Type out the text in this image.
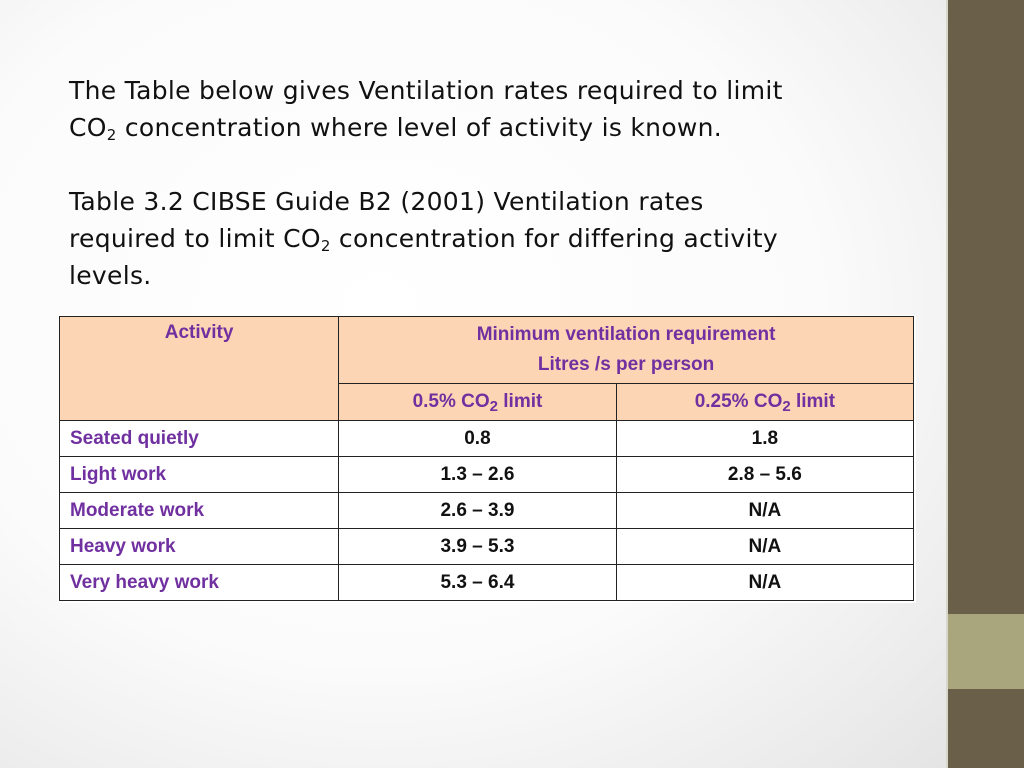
The Table below gives Ventilation rates required to limit
$CO_2$ concentration where level of activity is known.

Table 3.2 CIBSE Guide B2 (2001) Ventilation rates
required to limit $CO_2$ concentration for differing activity
levels.

Activity	Minimum ventilation requirement
Litres /s per person	
	0.5% $CO_2$ limit	0.25% $CO_2$ limit
Seated quietly	0.8	1.8
Light work	1.3 – 2.6	2.8 – 5.6
Moderate work	2.6 – 3.9	N/A
Heavy work	3.9 – 5.3	N/A
Very heavy work	5.3 – 6.4	N/A
